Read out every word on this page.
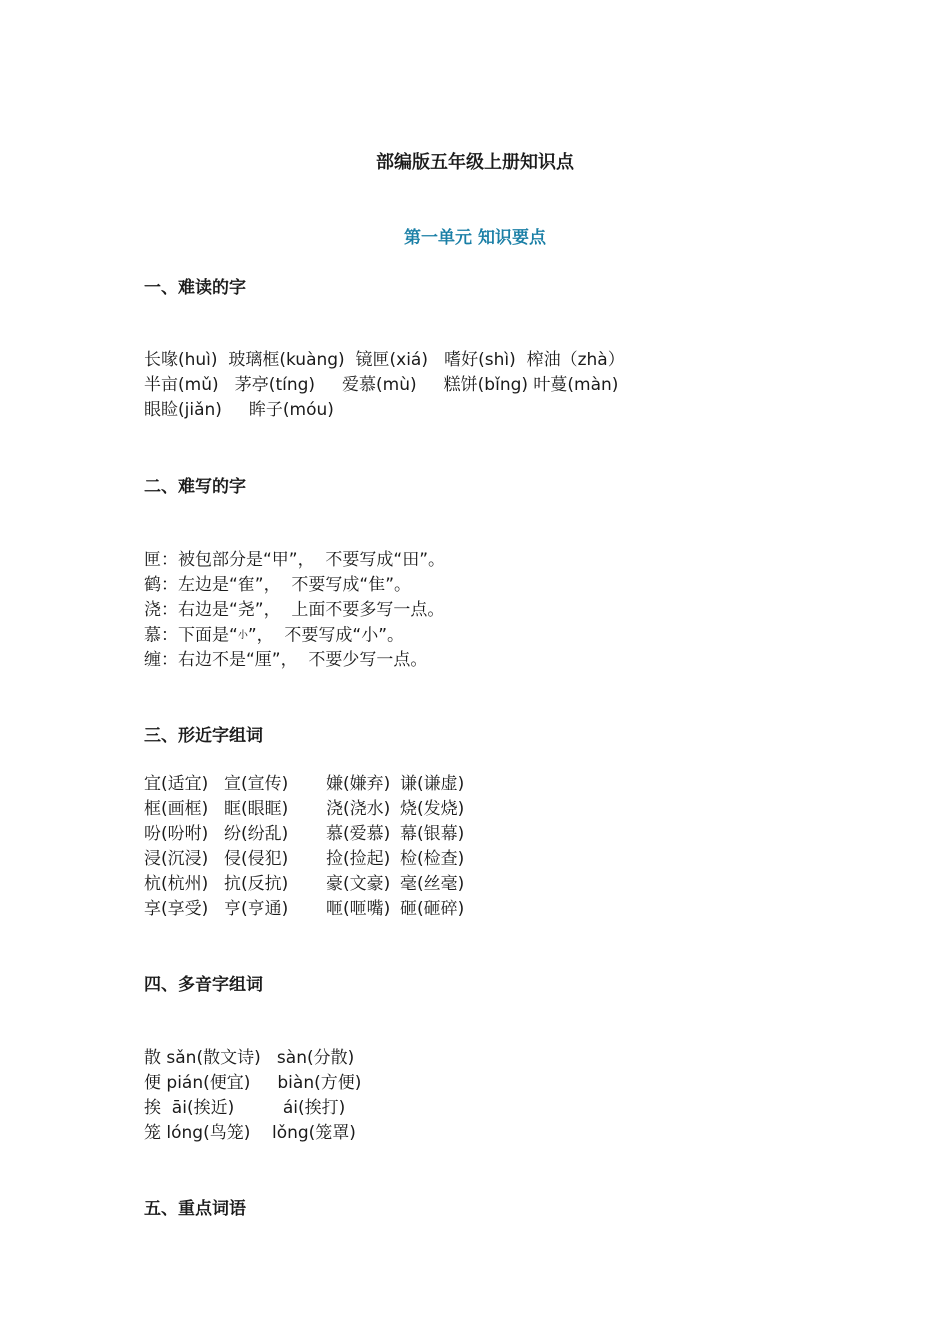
部编版五年级上册知识点
第一单元 知识要点
一、难读的字
长喙(huì)  玻璃框(kuàng)  镜匣(xiá)   嗜好(shì)  榨油（zhà）
半亩(mǔ)   茅亭(tíng)     爱慕(mù)     糕饼(bǐng) 叶蔓(màn)
眼睑(jiǎn)     眸子(móu)
二、难写的字
匣：被包部分是“甲”，  不要写成“田”。
鹤：左边是“隺”，  不要写成“隹”。
浇：右边是“尧”，  上面不要多写一点。
慕：下面是“小”，  不要写成“小”。
缠：右边不是“厘”，  不要少写一点。
三、形近字组词
宜(适宜) 宣(宣传) 嫌(嫌弃) 谦(谦虚)
框(画框) 眶(眼眶) 浇(浇水) 烧(发烧)
吩(吩咐) 纷(纷乱) 慕(爱慕) 幕(银幕)
浸(沉浸) 侵(侵犯) 捡(捡起) 检(检查)
杭(杭州) 抗(反抗) 豪(文豪) 毫(丝毫)
享(享受) 亨(亨通) 咂(咂嘴) 砸(砸碎)
四、多音字组词
散 sǎn(散文诗)   sàn(分散)
便 pián(便宜)     biàn(方便)
挨  āi(挨近)         ái(挨打)
笼 lóng(鸟笼)    lǒng(笼罩)
五、重点词语
